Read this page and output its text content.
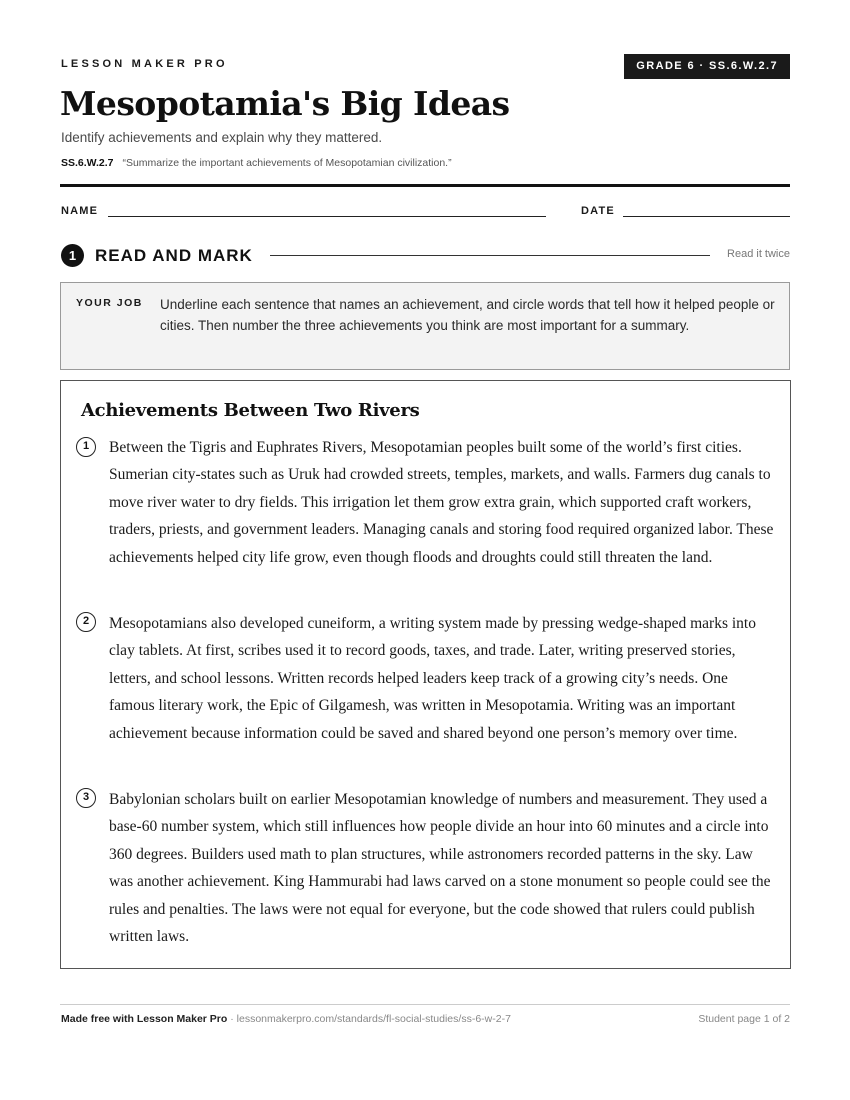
LESSON MAKER PRO	GRADE 6 · SS.6.W.2.7
Mesopotamia's Big Ideas
Identify achievements and explain why they mattered.
SS.6.W.2.7 “Summarize the important achievements of Mesopotamian civilization.”
NAME	DATE
1	READ AND MARK	Read it twice
YOUR JOB Underline each sentence that names an achievement, and circle words that tell how it helped people or cities. Then number the three achievements you think are most important for a summary.
Achievements Between Two Rivers
1	Between the Tigris and Euphrates Rivers, Mesopotamian peoples built some of the world’s first cities. Sumerian city-states such as Uruk had crowded streets, temples, markets, and walls. Farmers dug canals to move river water to dry fields. This irrigation let them grow extra grain, which supported craft workers, traders, priests, and government leaders. Managing canals and storing food required organized labor. These achievements helped city life grow, even though floods and droughts could still threaten the land.

2	Mesopotamians also developed cuneiform, a writing system made by pressing wedge-shaped marks into clay tablets. At first, scribes used it to record goods, taxes, and trade. Later, writing preserved stories, letters, and school lessons. Written records helped leaders keep track of a growing city’s needs. One famous literary work, the Epic of Gilgamesh, was written in Mesopotamia. Writing was an important achievement because information could be saved and shared beyond one person’s memory over time.

3	Babylonian scholars built on earlier Mesopotamian knowledge of numbers and measurement. They used a base-60 number system, which still influences how people divide an hour into 60 minutes and a circle into 360 degrees. Builders used math to plan structures, while astronomers recorded patterns in the sky. Law was another achievement. King Hammurabi had laws carved on a stone monument so people could see the rules and penalties. The laws were not equal for everyone, but the code showed that rulers could publish written laws.

Made free with Lesson Maker Pro · lessonmakerpro.com/standards/fl-social-studies/ss-6-w-2-7	Student page 1 of 2
